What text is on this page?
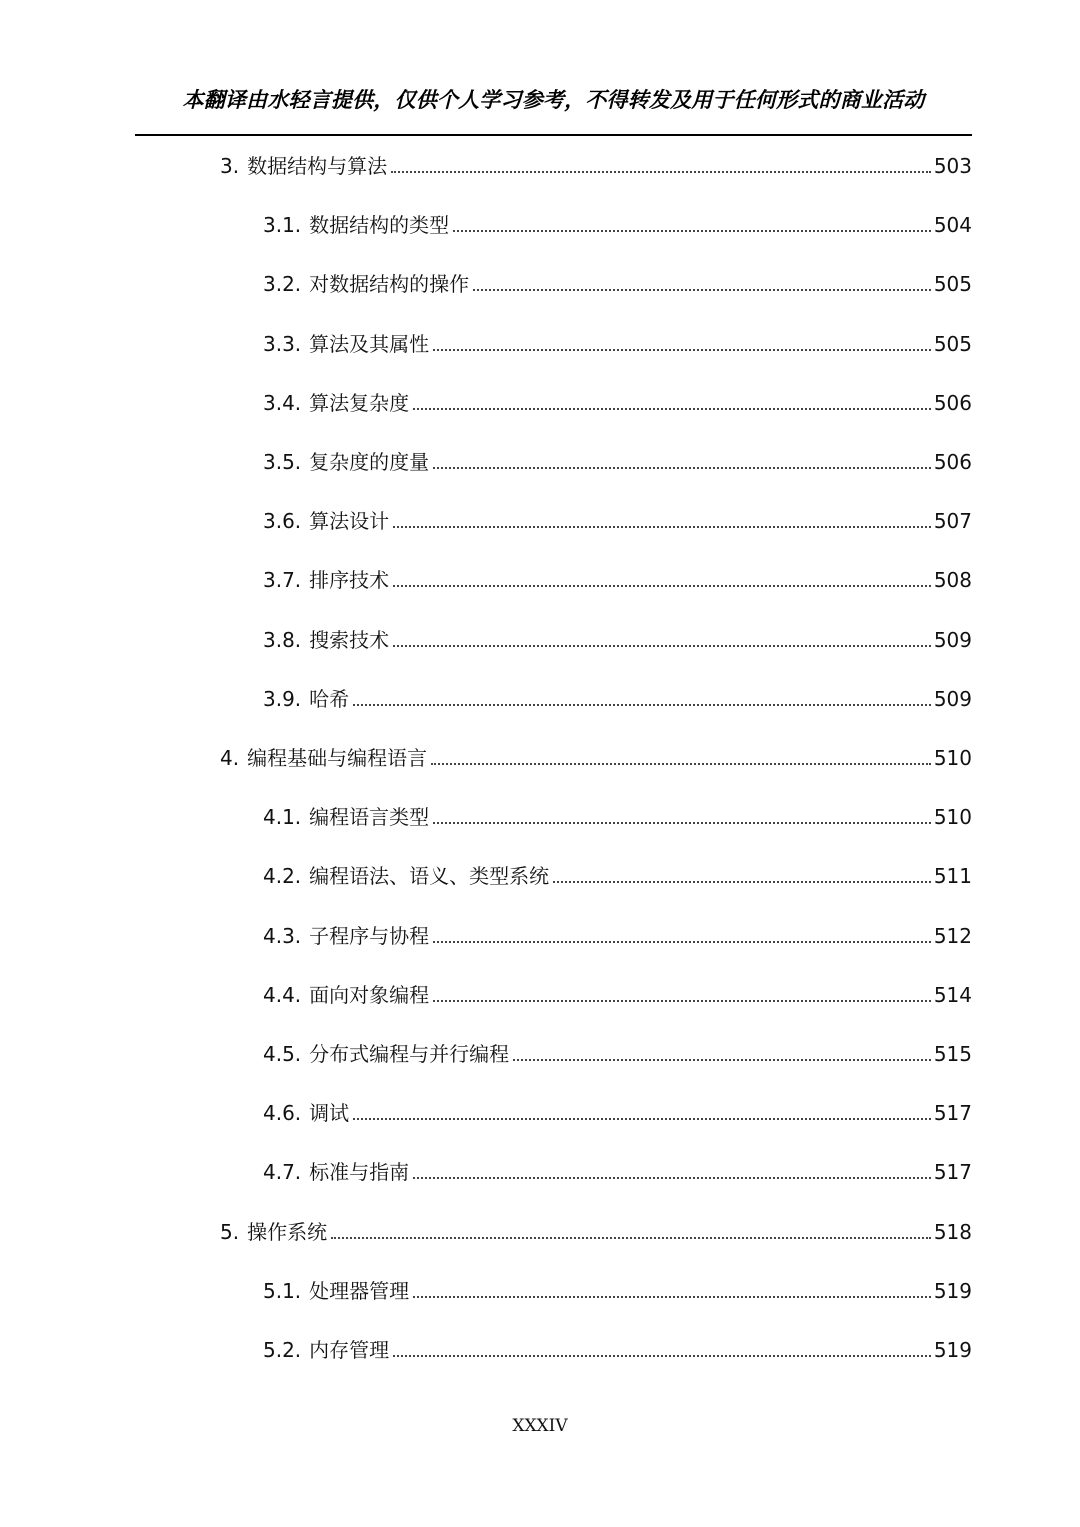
本翻译由水轻言提供，仅供个人学习参考，不得转发及用于任何形式的商业活动
3. 数据结构与算法	503
3.1. 数据结构的类型	504
3.2. 对数据结构的操作	505
3.3. 算法及其属性	505
3.4. 算法复杂度	506
3.5. 复杂度的度量	506
3.6. 算法设计	507
3.7. 排序技术	508
3.8. 搜索技术	509
3.9. 哈希	509
4. 编程基础与编程语言	510
4.1. 编程语言类型	510
4.2. 编程语法、语义、类型系统	511
4.3. 子程序与协程	512
4.4. 面向对象编程	514
4.5. 分布式编程与并行编程	515
4.6. 调试	517
4.7. 标准与指南	517
5. 操作系统	518
5.1. 处理器管理	519
5.2. 内存管理	519
XXXIV
